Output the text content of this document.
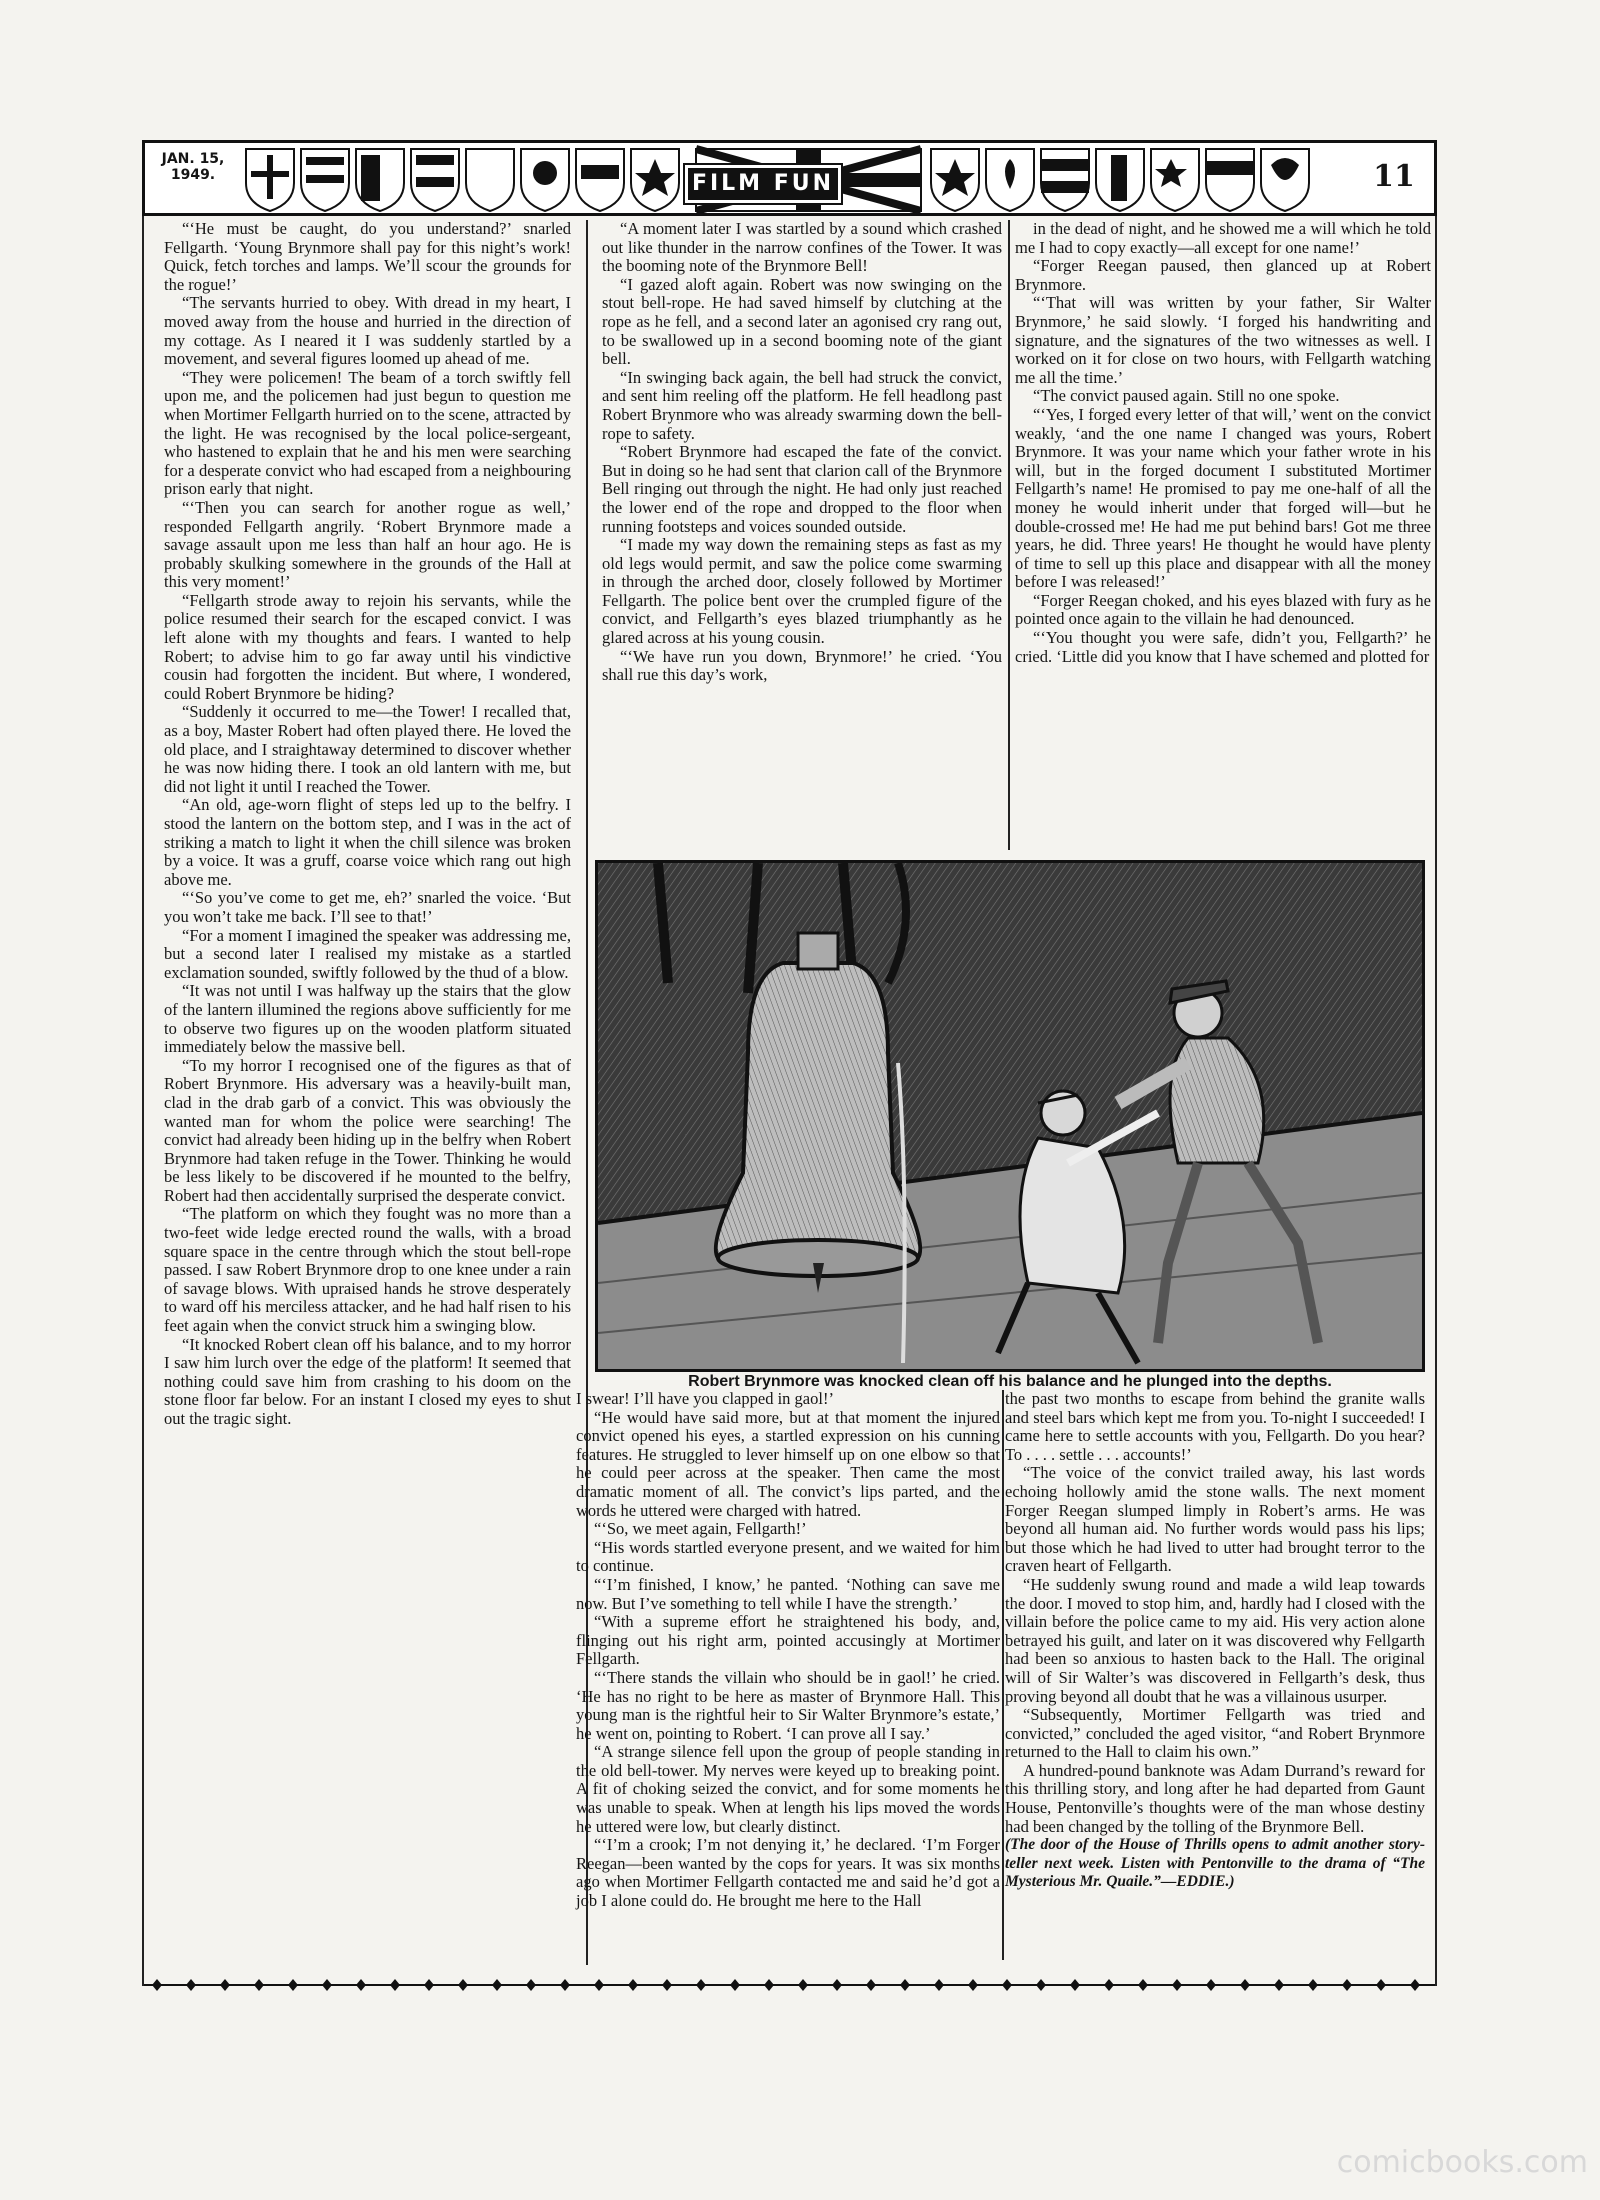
JAN. 15,
1949.	FILM FUN	11

“‘He must be caught, do you understand?’ snarled Fellgarth. ‘Young Brynmore shall pay for this night’s work! Quick, fetch torches and lamps. We’ll scour the grounds for the rogue!’

“The servants hurried to obey. With dread in my heart, I moved away from the house and hurried in the direction of my cottage. As I neared it I was suddenly startled by a movement, and several figures loomed up ahead of me.

“They were policemen! The beam of a torch swiftly fell upon me, and the policemen had just begun to question me when Mortimer Fellgarth hurried on to the scene, attracted by the light. He was recognised by the local police-sergeant, who hastened to explain that he and his men were searching for a desperate convict who had escaped from a neighbouring prison early that night.

“‘Then you can search for another rogue as well,’ responded Fellgarth angrily. ‘Robert Brynmore made a savage assault upon me less than half an hour ago. He is probably skulking somewhere in the grounds of the Hall at this very moment!’

“Fellgarth strode away to rejoin his servants, while the police resumed their search for the escaped convict. I was left alone with my thoughts and fears. I wanted to help Robert; to advise him to go far away until his vindictive cousin had forgotten the incident. But where, I wondered, could Robert Brynmore be hiding?

“Suddenly it occurred to me—the Tower! I recalled that, as a boy, Master Robert had often played there. He loved the old place, and I straightaway determined to discover whether he was now hiding there. I took an old lantern with me, but did not light it until I reached the Tower.

“An old, age-worn flight of steps led up to the belfry. I stood the lantern on the bottom step, and I was in the act of striking a match to light it when the chill silence was broken by a voice. It was a gruff, coarse voice which rang out high above me.

“‘So you’ve come to get me, eh?’ snarled the voice. ‘But you won’t take me back. I’ll see to that!’

“For a moment I imagined the speaker was addressing me, but a second later I realised my mistake as a startled exclamation sounded, swiftly followed by the thud of a blow.

“It was not until I was halfway up the stairs that the glow of the lantern illumined the regions above sufficiently for me to observe two figures up on the wooden platform situated immediately below the massive bell.

“To my horror I recognised one of the figures as that of Robert Brynmore. His adversary was a heavily-built man, clad in the drab garb of a convict. This was obviously the wanted man for whom the police were searching! The convict had already been hiding up in the belfry when Robert Brynmore had taken refuge in the Tower. Thinking he would be less likely to be discovered if he mounted to the belfry, Robert had then accidentally surprised the desperate convict.

“The platform on which they fought was no more than a two-feet wide ledge erected round the walls, with a broad square space in the centre through which the stout bell-rope passed. I saw Robert Brynmore drop to one knee under a rain of savage blows. With upraised hands he strove desperately to ward off his merciless attacker, and he had half risen to his feet again when the convict struck him a swinging blow.

“It knocked Robert clean off his balance, and to my horror I saw him lurch over the edge of the platform! It seemed that nothing could save him from crashing to his doom on the stone floor far below. For an instant I closed my eyes to shut out the tragic sight.

“A moment later I was startled by a sound which crashed out like thunder in the narrow confines of the Tower. It was the booming note of the Brynmore Bell!

“I gazed aloft again. Robert was now swinging on the stout bell-rope. He had saved himself by clutching at the rope as he fell, and a second later an agonised cry rang out, to be swallowed up in a second booming note of the giant bell.

“In swinging back again, the bell had struck the convict, and sent him reeling off the platform. He fell headlong past Robert Brynmore who was already swarming down the bell-rope to safety.

“Robert Brynmore had escaped the fate of the convict. But in doing so he had sent that clarion call of the Brynmore Bell ringing out through the night. He had only just reached the lower end of the rope and dropped to the floor when running footsteps and voices sounded outside.

“I made my way down the remaining steps as fast as my old legs would permit, and saw the police come swarming in through the arched door, closely followed by Mortimer Fellgarth. The police bent over the crumpled figure of the convict, and Fellgarth’s eyes blazed triumphantly as he glared across at his young cousin.

“‘We have run you down, Brynmore!’ he cried. ‘You shall rue this day’s work,

in the dead of night, and he showed me a will which he told me I had to copy exactly—all except for one name!’

“Forger Reegan paused, then glanced up at Robert Brynmore.

“‘That will was written by your father, Sir Walter Brynmore,’ he said slowly. ‘I forged his handwriting and signature, and the signatures of the two witnesses as well. I worked on it for close on two hours, with Fellgarth watching me all the time.’

“The convict paused again. Still no one spoke.

“‘Yes, I forged every letter of that will,’ went on the convict weakly, ‘and the one name I changed was yours, Robert Brynmore. It was your name which your father wrote in his will, but in the forged document I substituted Mortimer Fellgarth’s name! He promised to pay me one-half of all the money he would inherit under that forged will—but he double-crossed me! He had me put behind bars! Got me three years, he did. Three years! He thought he would have plenty of time to sell up this place and disappear with all the money before I was released!’

“Forger Reegan choked, and his eyes blazed with fury as he pointed once again to the villain he had denounced.

“‘You thought you were safe, didn’t you, Fellgarth?’ he cried. ‘Little did you know that I have schemed and plotted for

Robert Brynmore was knocked clean off his balance and he plunged into the depths.

I swear! I’ll have you clapped in gaol!’

“He would have said more, but at that moment the injured convict opened his eyes, a startled expression on his cunning features. He struggled to lever himself up on one elbow so that he could peer across at the speaker. Then came the most dramatic moment of all. The convict’s lips parted, and the words he uttered were charged with hatred.

“‘So, we meet again, Fellgarth!’

“His words startled everyone present, and we waited for him to continue.

“‘I’m finished, I know,’ he panted. ‘Nothing can save me now. But I’ve something to tell while I have the strength.’

“With a supreme effort he straightened his body, and, flinging out his right arm, pointed accusingly at Mortimer Fellgarth.

“‘There stands the villain who should be in gaol!’ he cried. ‘He has no right to be here as master of Brynmore Hall. This young man is the rightful heir to Sir Walter Brynmore’s estate,’ he went on, pointing to Robert. ‘I can prove all I say.’

“A strange silence fell upon the group of people standing in the old bell-tower. My nerves were keyed up to breaking point. A fit of choking seized the convict, and for some moments he was unable to speak. When at length his lips moved the words he uttered were low, but clearly distinct.

“‘I’m a crook; I’m not denying it,’ he declared. ‘I’m Forger Reegan—been wanted by the cops for years. It was six months ago when Mortimer Fellgarth contacted me and said he’d got a job I alone could do. He brought me here to the Hall

the past two months to escape from behind the granite walls and steel bars which kept me from you. To-night I succeeded! I came here to settle accounts with you, Fellgarth. Do you hear? To . . . . settle . . . accounts!’

“The voice of the convict trailed away, his last words echoing hollowly amid the stone walls. The next moment Forger Reegan slumped limply in Robert’s arms. He was beyond all human aid. No further words would pass his lips; but those which he had lived to utter had brought terror to the craven heart of Fellgarth.

“He suddenly swung round and made a wild leap towards the door. I moved to stop him, and, hardly had I closed with the villain before the police came to my aid. His very action alone betrayed his guilt, and later on it was discovered why Fellgarth had been so anxious to hasten back to the Hall. The original will of Sir Walter’s was discovered in Fellgarth’s desk, thus proving beyond all doubt that he was a villainous usurper.

“Subsequently, Mortimer Fellgarth was tried and convicted,” concluded the aged visitor, “and Robert Brynmore returned to the Hall to claim his own.”

A hundred-pound banknote was Adam Durrand’s reward for this thrilling story, and long after he had departed from Gaunt House, Pentonville’s thoughts were of the man whose destiny had been changed by the tolling of the Brynmore Bell.

(The door of the House of Thrills opens to admit another story-teller next week. Listen with Pentonville to the drama of “The Mysterious Mr. Quaile.”—EDDIE.)

comicbooks.com
